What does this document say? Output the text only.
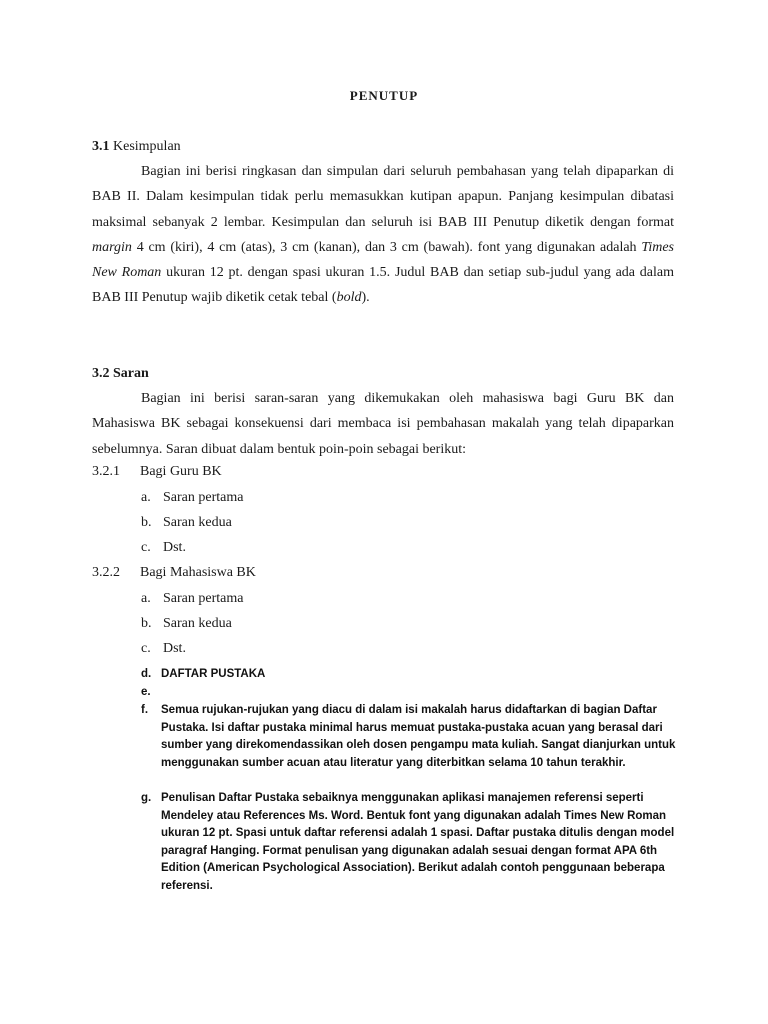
PENUTUP
3.1 Kesimpulan

Bagian ini berisi ringkasan dan simpulan dari seluruh pembahasan yang telah dipaparkan di BAB II. Dalam kesimpulan tidak perlu memasukkan kutipan apapun. Panjang kesimpulan dibatasi maksimal sebanyak 2 lembar. Kesimpulan dan seluruh isi BAB III Penutup diketik dengan format margin 4 cm (kiri), 4 cm (atas), 3 cm (kanan), dan 3 cm (bawah). font yang digunakan adalah Times New Roman ukuran 12 pt. dengan spasi ukuran 1.5. Judul BAB dan setiap sub-judul yang ada dalam BAB III Penutup wajib diketik cetak tebal (bold).

3.2 Saran

Bagian ini berisi saran-saran yang dikemukakan oleh mahasiswa bagi Guru BK dan Mahasiswa BK sebagai konsekuensi dari membaca isi pembahasan makalah yang telah dipaparkan sebelumnya. Saran dibuat dalam bentuk poin-poin sebagai berikut:

3.2.1 Bagi Guru BK
a. Saran pertama
b. Saran kedua
c. Dst.
3.2.2 Bagi Mahasiswa BK
a. Saran pertama
b. Saran kedua
c. Dst.
d. DAFTAR PUSTAKA
e.

f.	Semua rujukan-rujukan yang diacu di dalam isi makalah harus didaftarkan di bagian Daftar Pustaka. Isi daftar pustaka minimal harus memuat pustaka-pustaka acuan yang berasal dari sumber yang direkomendassikan oleh dosen pengampu mata kuliah. Sangat dianjurkan untuk menggunakan sumber acuan atau literatur yang diterbitkan selama 10 tahun terakhir.
g. Penulisan Daftar Pustaka sebaiknya menggunakan aplikasi manajemen referensi seperti Mendeley atau References Ms. Word. Bentuk font yang digunakan adalah Times New Roman ukuran 12 pt. Spasi untuk daftar referensi adalah 1 spasi. Daftar pustaka ditulis dengan model paragraf Hanging. Format penulisan yang digunakan adalah sesuai dengan format APA 6th Edition (American Psychological Association). Berikut adalah contoh penggunaan beberapa referensi.
